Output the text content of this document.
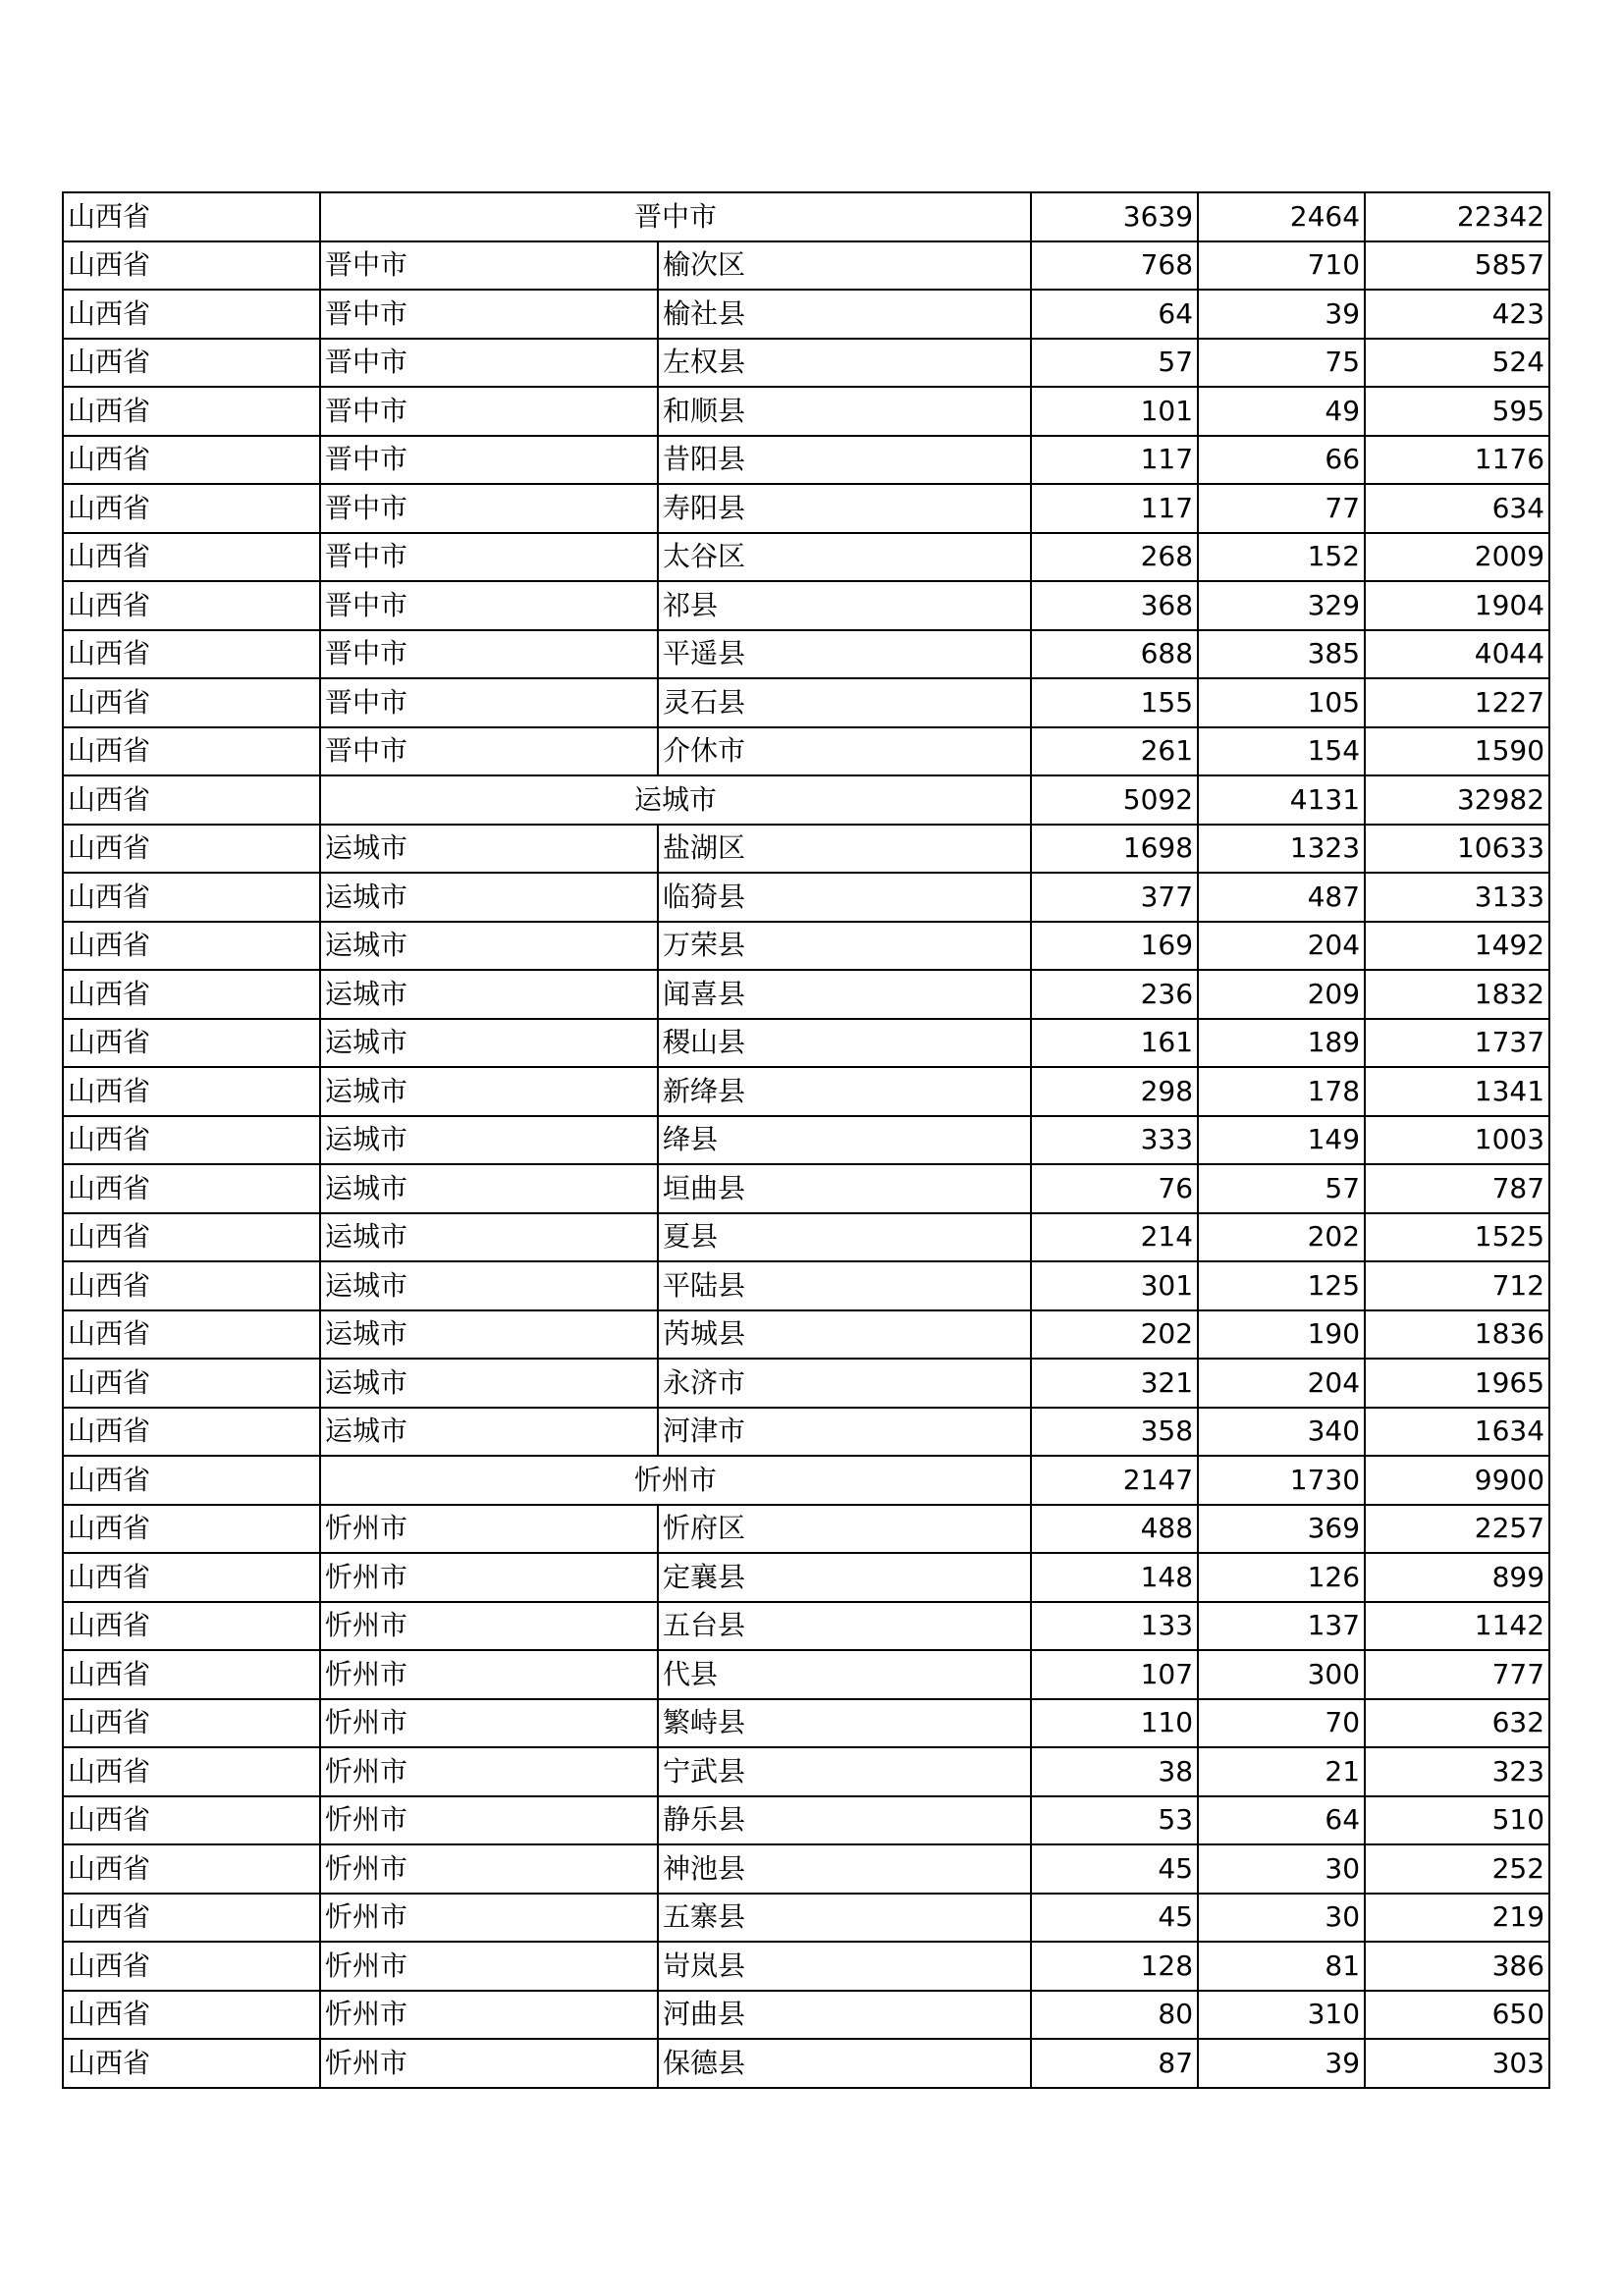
山西省	晋中市		3639	2464	22342
山西省	晋中市	榆次区	768	710	5857
山西省	晋中市	榆社县	64	39	423
山西省	晋中市	左权县	57	75	524
山西省	晋中市	和顺县	101	49	595
山西省	晋中市	昔阳县	117	66	1176
山西省	晋中市	寿阳县	117	77	634
山西省	晋中市	太谷区	268	152	2009
山西省	晋中市	祁县	368	329	1904
山西省	晋中市	平遥县	688	385	4044
山西省	晋中市	灵石县	155	105	1227
山西省	晋中市	介休市	261	154	1590
山西省	运城市		5092	4131	32982
山西省	运城市	盐湖区	1698	1323	10633
山西省	运城市	临猗县	377	487	3133
山西省	运城市	万荣县	169	204	1492
山西省	运城市	闻喜县	236	209	1832
山西省	运城市	稷山县	161	189	1737
山西省	运城市	新绛县	298	178	1341
山西省	运城市	绛县	333	149	1003
山西省	运城市	垣曲县	76	57	787
山西省	运城市	夏县	214	202	1525
山西省	运城市	平陆县	301	125	712
山西省	运城市	芮城县	202	190	1836
山西省	运城市	永济市	321	204	1965
山西省	运城市	河津市	358	340	1634
山西省	忻州市		2147	1730	9900
山西省	忻州市	忻府区	488	369	2257
山西省	忻州市	定襄县	148	126	899
山西省	忻州市	五台县	133	137	1142
山西省	忻州市	代县	107	300	777
山西省	忻州市	繁峙县	110	70	632
山西省	忻州市	宁武县	38	21	323
山西省	忻州市	静乐县	53	64	510
山西省	忻州市	神池县	45	30	252
山西省	忻州市	五寨县	45	30	219
山西省	忻州市	岢岚县	128	81	386
山西省	忻州市	河曲县	80	310	650
山西省	忻州市	保德县	87	39	303
